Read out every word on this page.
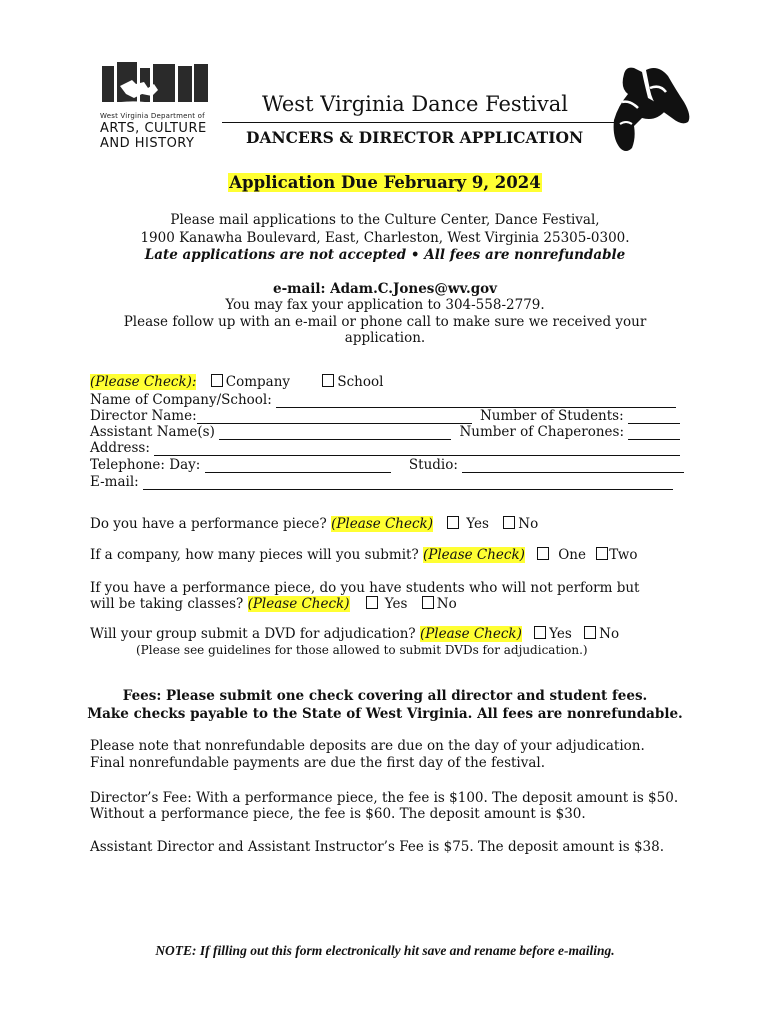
West Virginia Department of
ARTS, CULTURE
AND HISTORY
West Virginia Dance Festival
DANCERS & DIRECTOR APPLICATION
Application Due February 9, 2024
Please mail applications to the Culture Center, Dance Festival,
1900 Kanawha Boulevard, East, Charleston, West Virginia 25305-0300.
Late applications are not accepted • All fees are nonrefundable
e-mail: Adam.C.Jones@wv.gov
You may fax your application to 304-558-2779.
Please follow up with an e-mail or phone call to make sure we received your
application.
(Please Check): Company	School
Name of Company/School:
Director Name:	Number of Students:
Assistant Name(s)	Number of Chaperones:
Address:
Telephone: Day:	Studio:
E-mail:
Do you have a performance piece? (Please Check) Yes No
If a company, how many pieces will you submit? (Please Check) One Two
If you have a performance piece, do you have students who will not perform but
will be taking classes? (Please Check)	Yes No
Will your group submit a DVD for adjudication? (Please Check) Yes No
(Please see guidelines for those allowed to submit DVDs for adjudication.)
Fees: Please submit one check covering all director and student fees.
Make checks payable to the State of West Virginia. All fees are nonrefundable.
Please note that nonrefundable deposits are due on the day of your adjudication.
Final nonrefundable payments are due the first day of the festival.
Director’s Fee: With a performance piece, the fee is $100. The deposit amount is $50.
Without a performance piece, the fee is $60. The deposit amount is $30.
Assistant Director and Assistant Instructor’s Fee is $75. The deposit amount is $38.
NOTE: If filling out this form electronically hit save and rename before e-mailing.
